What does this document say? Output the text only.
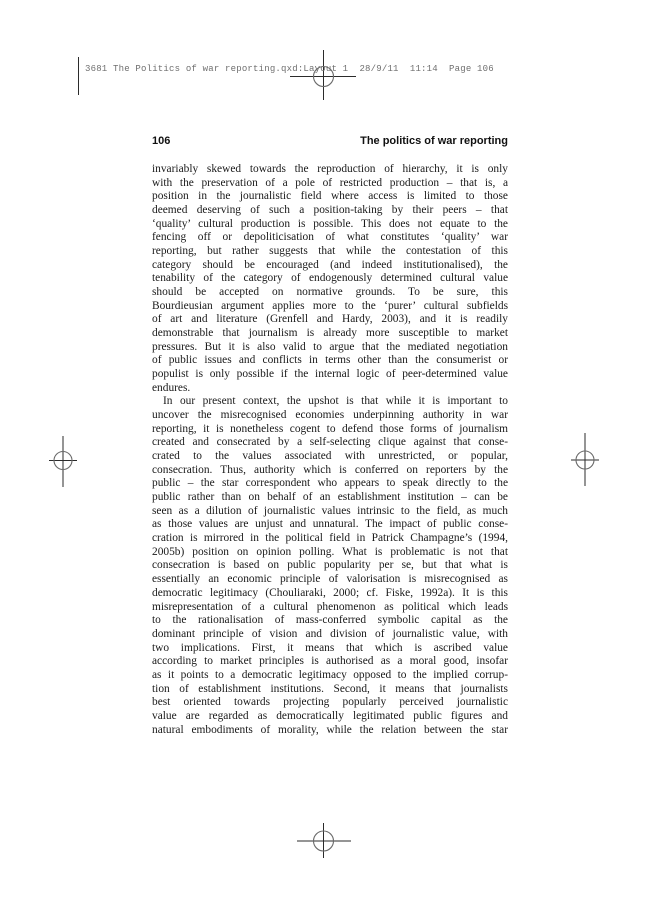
3681 The Politics of war reporting.qxd:Layout 1  28/9/11  11:14  Page 106
106	The politics of war reporting
invariably skewed towards the reproduction of hierarchy, it is only
with the preservation of a pole of restricted production – that is, a
position in the journalistic field where access is limited to those
deemed deserving of such a position-taking by their peers – that
‘quality’ cultural production is possible. This does not equate to the
fencing off or depoliticisation of what constitutes ‘quality’ war
reporting, but rather suggests that while the contestation of this
category should be encouraged (and indeed institutionalised), the
tenability of the category of endogenously determined cultural value
should be accepted on normative grounds. To be sure, this
Bourdieusian argument applies more to the ‘purer’ cultural subfields
of art and literature (Grenfell and Hardy, 2003), and it is readily
demonstrable that journalism is already more susceptible to market
pressures. But it is also valid to argue that the mediated negotiation
of public issues and conflicts in terms other than the consumerist or
populist is only possible if the internal logic of peer-determined value
endures.
In our present context, the upshot is that while it is important to
uncover the misrecognised economies underpinning authority in war
reporting, it is nonetheless cogent to defend those forms of journalism
created and consecrated by a self-selecting clique against that conse-
crated to the values associated with unrestricted, or popular,
consecration. Thus, authority which is conferred on reporters by the
public – the star correspondent who appears to speak directly to the
public rather than on behalf of an establishment institution – can be
seen as a dilution of journalistic values intrinsic to the field, as much
as those values are unjust and unnatural. The impact of public conse-
cration is mirrored in the political field in Patrick Champagne’s (1994,
2005b) position on opinion polling. What is problematic is not that
consecration is based on public popularity per se, but that what is
essentially an economic principle of valorisation is misrecognised as
democratic legitimacy (Chouliaraki, 2000; cf. Fiske, 1992a). It is this
misrepresentation of a cultural phenomenon as political which leads
to the rationalisation of mass-conferred symbolic capital as the
dominant principle of vision and division of journalistic value, with
two implications. First, it means that which is ascribed value
according to market principles is authorised as a moral good, insofar
as it points to a democratic legitimacy opposed to the implied corrup-
tion of establishment institutions. Second, it means that journalists
best oriented towards projecting popularly perceived journalistic
value are regarded as democratically legitimated public figures and
natural embodiments of morality, while the relation between the star
